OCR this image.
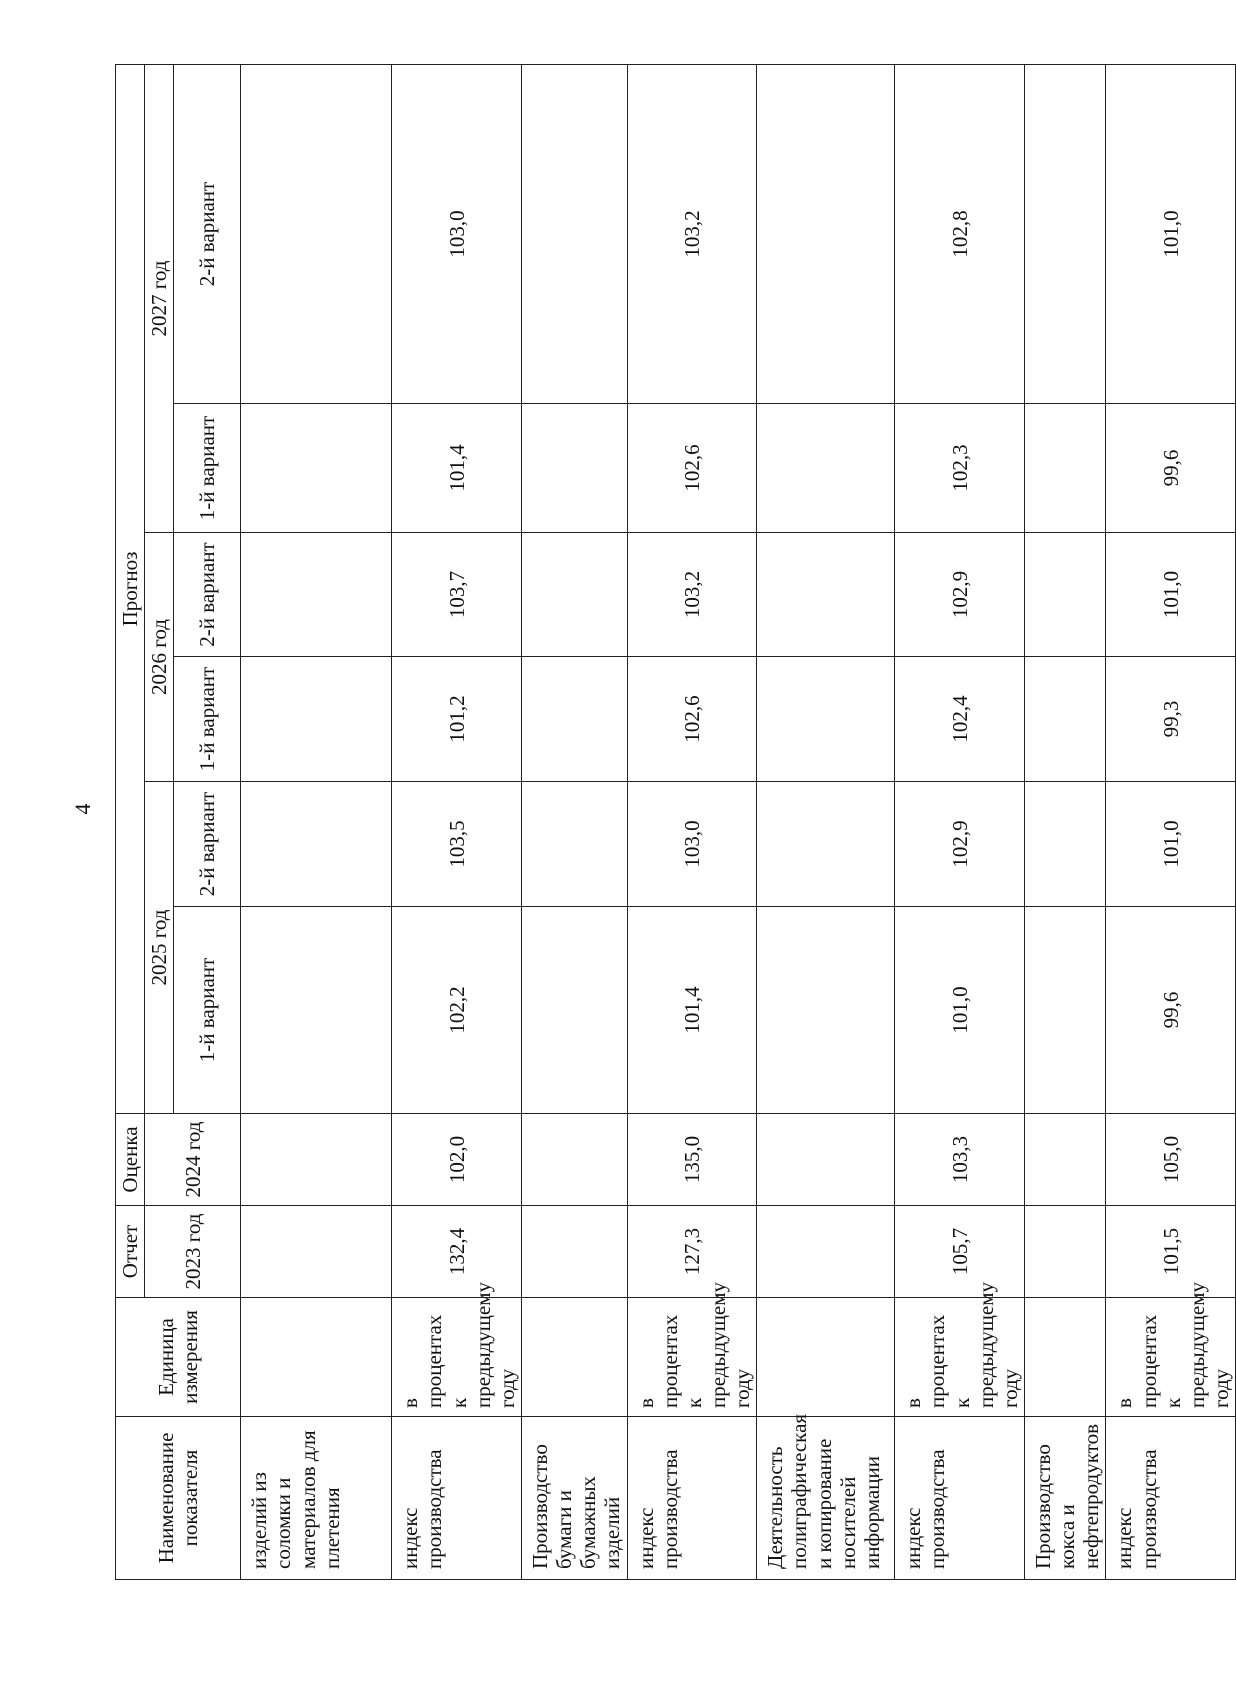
4
Наименование показателя	Единица измерения	Отчет	Оценка	Прогноз					
		2023 год	2024 год	2025 год		2026 год		2027 год	
				1-й вариант	2-й вариант	1-й вариант	2-й вариант	1-й вариант	2-й вариант
изделий из соломки и материалов для плетения									
индекс производства	в процентах к предыдущему году	132,4	102,0	102,2	103,5	101,2	103,7	101,4	103,0
Производство бумаги и бумажных изделий									
индекс производства	в процентах к предыдущему году	127,3	135,0	101,4	103,0	102,6	103,2	102,6	103,2
Деятельность полиграфическая и копирование носителей информации									
индекс производства	в процентах к предыдущему году	105,7	103,3	101,0	102,9	102,4	102,9	102,3	102,8
Производство кокса и нефтепродуктов									
индекс производства	в процентах к предыдущему году	101,5	105,0	99,6	101,0	99,3	101,0	99,6	101,0
